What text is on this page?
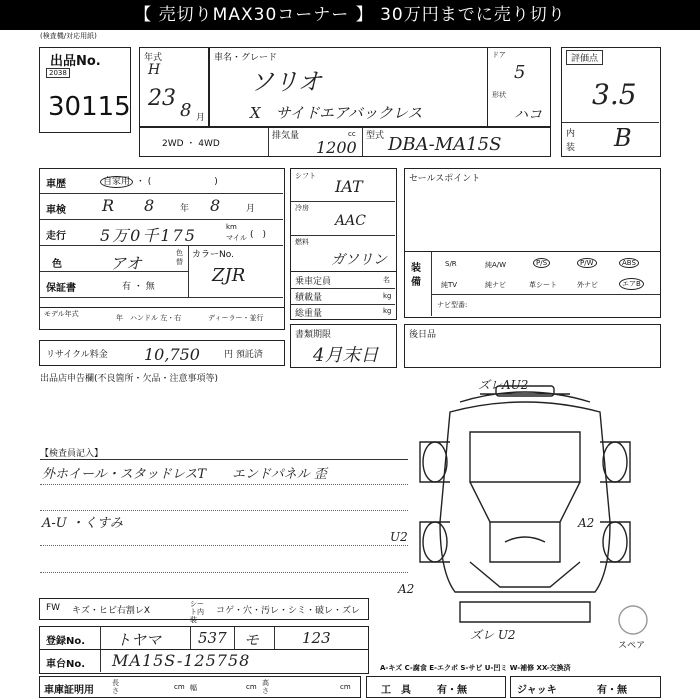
【 売切りMAX30コーナー 】 30万円までに売り切り
(検査機/対応用紙)
出品No.
2038
30115
年式
H
23 8 月
車名・グレード
ソリオ
X　サイドエアバックレス
ドア
5
形状
ハコ
2WD ・ 4WD
排気量	cc
1200
型式 DBA-MA15S
評価点
3.5
内
装 B
車歴	自家用 ・ (　　　　　　　)
車検 R 8	年 8	月
走行 5万0千175	km
マイル (　)
色	アオ
色替
カラーNo.
ZJR
保証書	有 ・ 無
モデル年式	年 ハンドル 左・右	ディーラー・並行
リサイクル料金 10,750	円 預託済
シフト
IAT
冷房
AAC
燃料
ガソリン
乗車定員	名
積載量	kg
総重量	kg
書類期限
4月末日
セールスポイント
装備
S/R	純A/W	P/S	P/W	ABS
純TV	純ナビ	革シート	外ナビ	エアB
ナビ型番:
後日品
出品店申告欄(不良箇所・欠品・注意事項等)
【検査員記入】
外ホイール・スタッドレスT エンドパネル 歪
A-U ・くすみ
ズレAU2
U2
A2
A2
ズレ U2
スペア
FW キズ・ヒビ右割レX
シート内装
コゲ・穴・汚レ・シミ・破レ・ズレ
登録No. トヤマ 537 モ	123
車台No. MA15S-125758	A-キズ C-腐食 E-エクボ S-サビ U-凹ミ W-補修 XX-交換済
車庫証明用
長さ	cm 幅	cm 高さ	cm	工具 有・無	ジャッキ	有・無
